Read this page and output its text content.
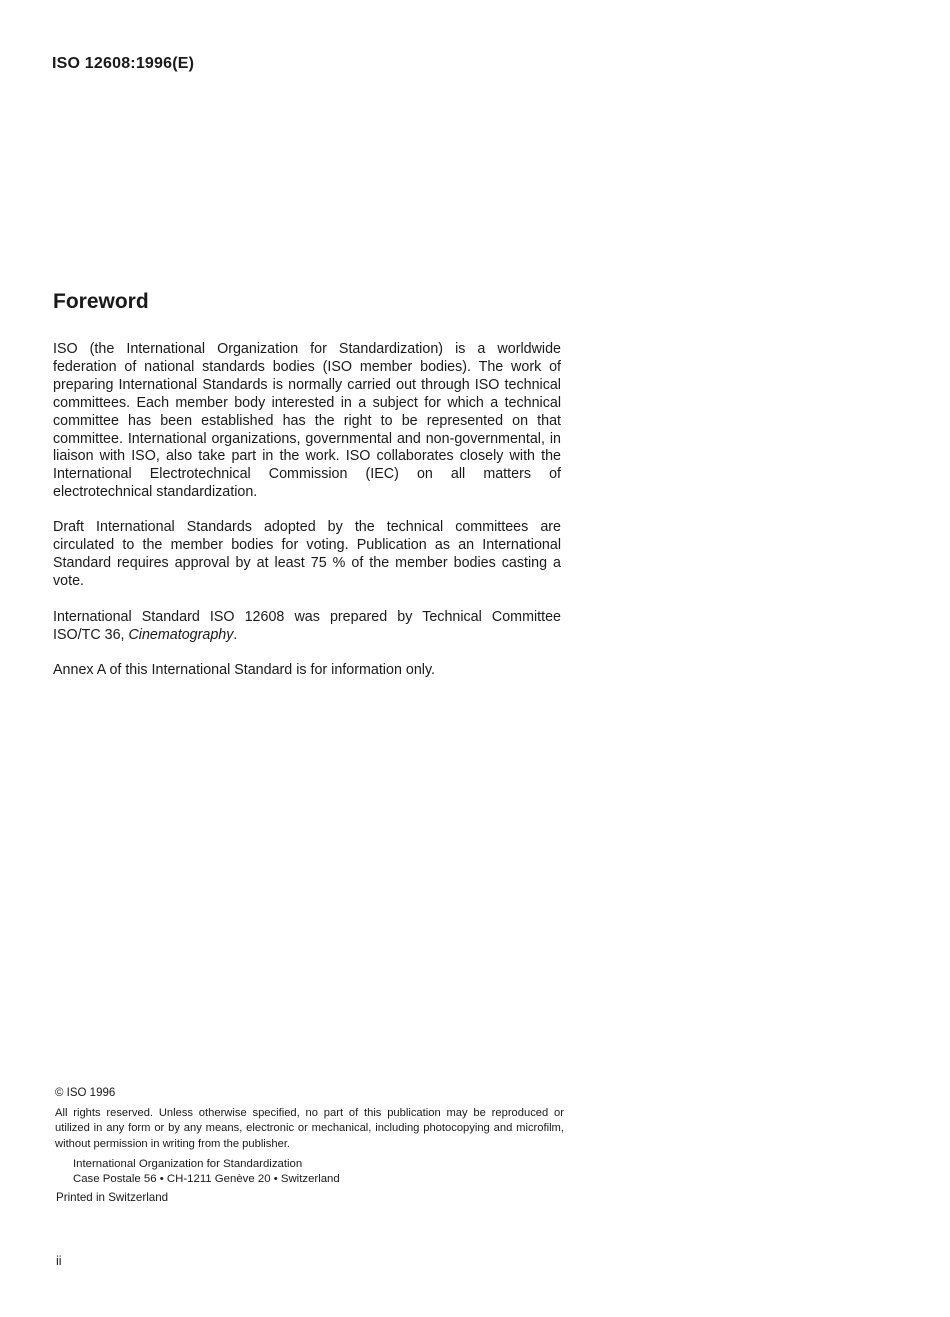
ISO 12608:1996(E)
Foreword

ISO (the International Organization for Standardization) is a worldwide federation of national standards bodies (ISO member bodies). The work of preparing International Standards is normally carried out through ISO technical committees. Each member body interested in a subject for which a technical committee has been established has the right to be represented on that committee. International organizations, governmental and non-governmental, in liaison with ISO, also take part in the work. ISO collaborates closely with the International Electrotechnical Commission (IEC) on all matters of electrotechnical standardization.

Draft International Standards adopted by the technical committees are circulated to the member bodies for voting. Publication as an International Standard requires approval by at least 75 % of the member bodies casting a vote.

International Standard ISO 12608 was prepared by Technical Committee ISO/TC 36, Cinematography.

Annex A of this International Standard is for information only.

© ISO 1996

All rights reserved. Unless otherwise specified, no part of this publication may be reproduced or utilized in any form or by any means, electronic or mechanical, including photocopying and microfilm, without permission in writing from the publisher.

International Organization for Standardization
Case Postale 56 • CH-1211 Genève 20 • Switzerland
Printed in Switzerland
ii
